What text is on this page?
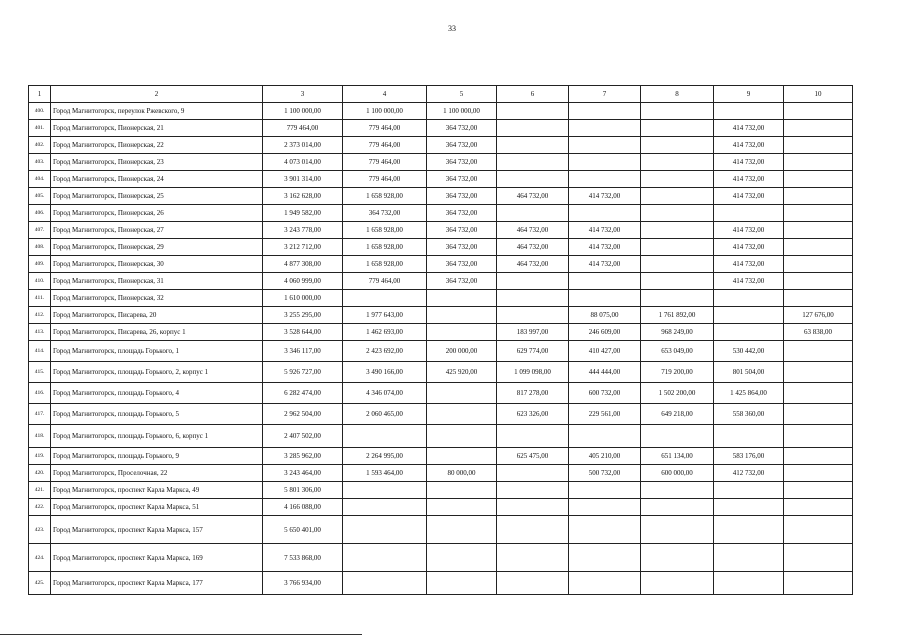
33
1	2	3	4	5	6	7	8	9	10
400.	Город Магнитогорск, переулок Ржевского, 9	1 100 000,00	1 100 000,00	1 100 000,00					
401.	Город Магнитогорск, Пионерская, 21	779 464,00	779 464,00	364 732,00				414 732,00	
402.	Город Магнитогорск, Пионерская, 22	2 373 014,00	779 464,00	364 732,00				414 732,00	
403.	Город Магнитогорск, Пионерская, 23	4 073 014,00	779 464,00	364 732,00				414 732,00	
404.	Город Магнитогорск, Пионерская, 24	3 901 314,00	779 464,00	364 732,00				414 732,00	
405.	Город Магнитогорск, Пионерская, 25	3 162 628,00	1 658 928,00	364 732,00	464 732,00	414 732,00		414 732,00	
406.	Город Магнитогорск, Пионерская, 26	1 949 582,00	364 732,00	364 732,00					
407.	Город Магнитогорск, Пионерская, 27	3 243 778,00	1 658 928,00	364 732,00	464 732,00	414 732,00		414 732,00	
408.	Город Магнитогорск, Пионерская, 29	3 212 712,00	1 658 928,00	364 732,00	464 732,00	414 732,00		414 732,00	
409.	Город Магнитогорск, Пионерская, 30	4 877 308,00	1 658 928,00	364 732,00	464 732,00	414 732,00		414 732,00	
410.	Город Магнитогорск, Пионерская, 31	4 060 999,00	779 464,00	364 732,00				414 732,00	
411.	Город Магнитогорск, Пионерская, 32	1 610 000,00							
412.	Город Магнитогорск, Писарева, 20	3 255 295,00	1 977 643,00			88 075,00	1 761 892,00		127 676,00
413.	Город Магнитогорск, Писарева, 26, корпус 1	3 528 644,00	1 462 693,00		183 997,00	246 609,00	968 249,00		63 838,00
414.	Город Магнитогорск, площадь Горького, 1	3 346 117,00	2 423 692,00	200 000,00	629 774,00	410 427,00	653 049,00	530 442,00	
415.	Город Магнитогорск, площадь Горького, 2, корпус 1	5 926 727,00	3 490 166,00	425 920,00	1 099 098,00	444 444,00	719 200,00	801 504,00	
416.	Город Магнитогорск, площадь Горького, 4	6 282 474,00	4 346 074,00		817 278,00	600 732,00	1 502 200,00	1 425 864,00	
417.	Город Магнитогорск, площадь Горького, 5	2 962 504,00	2 060 465,00		623 326,00	229 561,00	649 218,00	558 360,00	
418.	Город Магнитогорск, площадь Горького, 6, корпус 1	2 407 502,00							
419.	Город Магнитогорск, площадь Горького, 9	3 285 962,00	2 264 995,00		625 475,00	405 210,00	651 134,00	583 176,00	
420.	Город Магнитогорск, Проселочная, 22	3 243 464,00	1 593 464,00	80 000,00		500 732,00	600 000,00	412 732,00	
421.	Город Магнитогорск, проспект Карла Маркса, 49	5 801 306,00							
422.	Город Магнитогорск, проспект Карла Маркса, 51	4 166 088,00							
423.	Город Магнитогорск, проспект Карла Маркса, 157	5 650 401,00							
424.	Город Магнитогорск, проспект Карла Маркса, 169	7 533 868,00							
425.	Город Магнитогорск, проспект Карла Маркса, 177	3 766 934,00							
